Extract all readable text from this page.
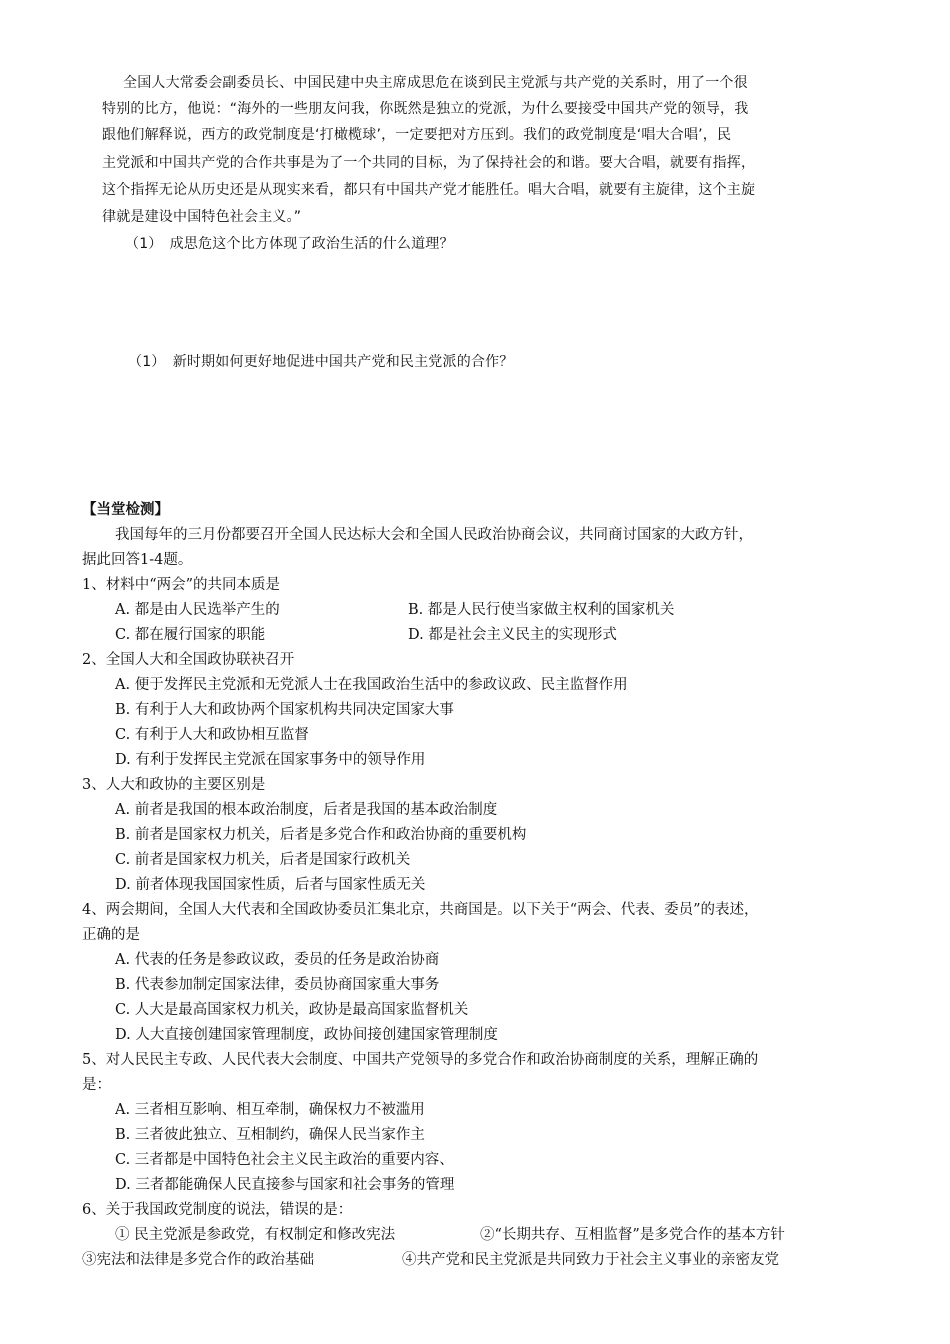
全国人大常委会副委员长、中国民建中央主席成思危在谈到民主党派与共产党的关系时，用了一个很
特别的比方，他说：“海外的一些朋友问我，你既然是独立的党派，为什么要接受中国共产党的领导，我
跟他们解释说，西方的政党制度是‘打橄榄球’，一定要把对方压到。我们的政党制度是‘唱大合唱’，民
主党派和中国共产党的合作共事是为了一个共同的目标，为了保持社会的和谐。要大合唱，就要有指挥，
这个指挥无论从历史还是从现实来看，都只有中国共产党才能胜任。唱大合唱，就要有主旋律，这个主旋
律就是建设中国特色社会主义。”
（1）　成思危这个比方体现了政治生活的什么道理？
（1）　新时期如何更好地促进中国共产党和民主党派的合作？
【当堂检测】
我国每年的三月份都要召开全国人民达标大会和全国人民政治协商会议，共同商讨国家的大政方针，
据此回答1-4题。
1、材料中“两会”的共同本质是
A. 都是由人民选举产生的	B. 都是人民行使当家做主权利的国家机关
C. 都在履行国家的职能	D. 都是社会主义民主的实现形式
2、全国人大和全国政协联袂召开
A. 便于发挥民主党派和无党派人士在我国政治生活中的参政议政、民主监督作用
B. 有利于人大和政协两个国家机构共同决定国家大事
C. 有利于人大和政协相互监督
D. 有利于发挥民主党派在国家事务中的领导作用
3、人大和政协的主要区别是
A. 前者是我国的根本政治制度，后者是我国的基本政治制度
B. 前者是国家权力机关，后者是多党合作和政治协商的重要机构
C. 前者是国家权力机关，后者是国家行政机关
D. 前者体现我国国家性质，后者与国家性质无关
4、两会期间，全国人大代表和全国政协委员汇集北京，共商国是。以下关于“两会、代表、委员”的表述，
正确的是
A. 代表的任务是参政议政，委员的任务是政治协商
B. 代表参加制定国家法律，委员协商国家重大事务
C. 人大是最高国家权力机关，政协是最高国家监督机关
D. 人大直接创建国家管理制度，政协间接创建国家管理制度
5、对人民民主专政、人民代表大会制度、中国共产党领导的多党合作和政治协商制度的关系，理解正确的
是：
A. 三者相互影响、相互牵制，确保权力不被滥用
B. 三者彼此独立、互相制约，确保人民当家作主
C. 三者都是中国特色社会主义民主政治的重要内容、
D. 三者都能确保人民直接参与国家和社会事务的管理
6、关于我国政党制度的说法，错误的是：
① 民主党派是参政党，有权制定和修改宪法	②“长期共存、互相监督”是多党合作的基本方针
③宪法和法律是多党合作的政治基础	④共产党和民主党派是共同致力于社会主义事业的亲密友党
